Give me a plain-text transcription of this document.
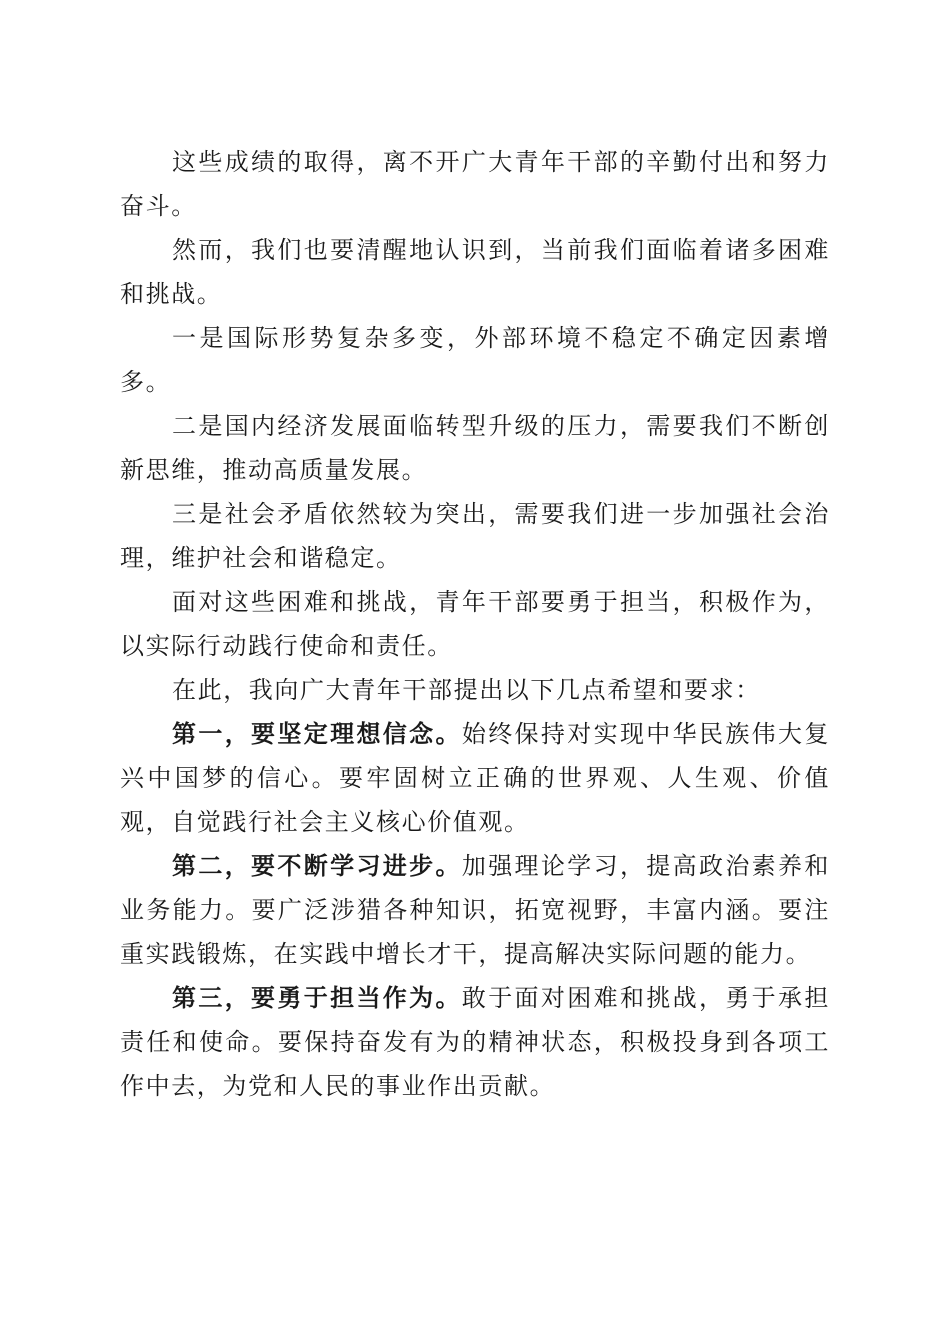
这些成绩的取得，离不开广大青年干部的辛勤付出和努力奋斗。

然而，我们也要清醒地认识到，当前我们面临着诸多困难和挑战。

一是国际形势复杂多变，外部环境不稳定不确定因素增多。

二是国内经济发展面临转型升级的压力，需要我们不断创新思维，推动高质量发展。

三是社会矛盾依然较为突出，需要我们进一步加强社会治理，维护社会和谐稳定。

面对这些困难和挑战，青年干部要勇于担当，积极作为，以实际行动践行使命和责任。

在此，我向广大青年干部提出以下几点希望和要求：

第一，要坚定理想信念。始终保持对实现中华民族伟大复兴中国梦的信心。要牢固树立正确的世界观、人生观、价值观，自觉践行社会主义核心价值观。

第二，要不断学习进步。加强理论学习，提高政治素养和业务能力。要广泛涉猎各种知识，拓宽视野，丰富内涵。要注重实践锻炼，在实践中增长才干，提高解决实际问题的能力。

第三，要勇于担当作为。敢于面对困难和挑战，勇于承担责任和使命。要保持奋发有为的精神状态，积极投身到各项工作中去，为党和人民的事业作出贡献。
